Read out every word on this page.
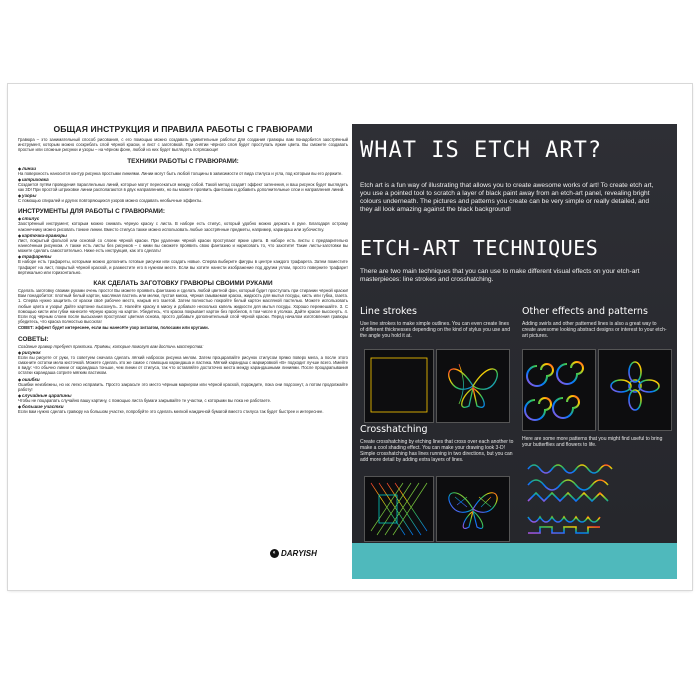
ОБЩАЯ ИНСТРУКЦИЯ И ПРАВИЛА РАБОТЫ С ГРАВЮРАМИ

Гравюра – это занимательный способ рисования, с его помощью можно создавать удивительные работы! Для создания гравюры вам понадобится заострённый инструмент, которым можно соскребать слой чёрной краски, и лист с заготовкой. При снятии чёрного слоя будет проступать яркие цвета. Вы сможете создавать простые или сложные рисунки и узоры – на чёрном фоне, любой из них будет выглядеть потрясающе!

ТЕХНИКИ РАБОТЫ С ГРАВЮРАМИ:
◆ линии

На поверхность наносится контур рисунка простыми линиями. Линии могут быть любой толщины в зависимости от вида стилуса и угла, под которым вы его держите.

◆ штриховка

Создается путём проведения параллельных линий, которые могут пересекаться между собой. Такой метод создаёт эффект затенения, и ваш рисунок будет выглядеть как 3D! При простой штриховке линии располагаются в двух направлениях, но вы можете проявить фантазию и добавить дополнительные слои и направления линий.

◆ узоры

С помощью спиралей и других повторяющихся узоров можно создавать необычные эффекты.

ИНСТРУМЕНТЫ ДЛЯ РАБОТЫ С ГРАВЮРАМИ:
◆ стилус

Заострённый инструмент, которым можно снимать чёрную краску с листа. В наборе есть стилус, который удобно можно держать в руке. Благодаря острому наконечнику можно рисовать тонкие линии. Вместо стилуса также можно использовать любые заострённые предметы, например, карандаш или зубочистку.

◆ карточки-гравюры

Лист, покрытый фольгой или основой со слоем чёрной краски. При удалении чёрной краски проступают яркие цвета. В наборе есть листы с предварительно нанесённым рисунком. А также есть листы без рисунков – с ними вы сможете проявить свою фантазию и нарисовать то, что захотите! Такие листы-заготовки вы можете сделать самостоятельно. Ниже есть инструкция, как это сделать!

◆ трафареты

В наборе есть трафареты, которыми можно дополнить готовые рисунки или создать новые. Сперва выберите фигуры в центре каждого трафарета. Затем поместите трафарет на лист, покрытый чёрной краской, и разместите его в нужном месте. Если вы хотите нанести изображение под другим углом, просто поверните трафарет вертикально или горизонтально.

КАК СДЕЛАТЬ ЗАГОТОВКУ ГРАВЮРЫ СВОИМИ РУКАМИ

Сделать заготовку своими руками очень просто! Вы можете проявить фантазию и сделать любой цветной фон, который будет проступать при стирании чёрной краски! Вам понадобится: плотный белый картон, масляная пастель или мелки, пустая миска, чёрная смываемая краска, жидкость для мытья посуды, кисть или губка, газета. 1. Сперва нужно защитить от краски своё рабочее место, накрыв его газетой. Затем полностью покройте белый картон масляной пастелью. Можете использовать любые цвета и узоры! Дайте картонке высохнуть. 2. Налейте краску в миску и добавьте несколько капель жидкости для мытья посуды. Хорошо перемешайте. 3. С помощью кисти или губки нанесите чёрную краску на картон. Убедитесь, что краска покрывает картон без пробелов, в том числе в уголках. Дайте краске высохнуть. 4. Если под чёрным слоем после высыхания проступают цветная основа, просто добавьте дополнительный слой чёрной краски. Перед началом изготовления гравюры убедитесь, что краска полностью высохла!

СОВЕТ: эффект будет интереснее, если вы нанесёте узор зигзагом, полосами или кругами.

СОВЕТЫ:

Создание гравюр требует практики. Приёмы, которые помогут вам достичь мастерства:

◆ рисунок

Если вы рисуете от руки, то советуем сначала сделать лёгкий набросок рисунка мелом. Затем процарапайте рисунок стилусом прямо поверх мела, а после этого смахните остатки мела кисточкой. Можете сделать это же самое с помощью карандаша и ластика. Мягкий карандаш с маркировкой «B» подходит лучше всего. Имейте в виду: что обычно линии от карандаша тоньше, чем линии от стилуса, так что оставляйте достаточно места между карандашными линиями. После процарапывания остатки карандаша сотрите мягким ластиком.

◆ ошибки

Ошибки неизбежны, но их легко исправить. Просто закрасьте это место чёрным маркером или чёрной краской, подождите, пока они подсохнут, а потом продолжайте работу!

◆ случайные царапины

Чтобы не поцарапать случайно вашу картину, с помощью листа бумаги закрывайте те участки, с которыми вы пока не работаете.

◆ большие участки

Если вам нужно сделать гравюру на большом участке, попробуйте это сделать мелкой наждачной бумагой вместо стилуса так будет быстрее и интереснее.

◐ DARYISH
WHAT IS ETCH ART?

Etch art is a fun way of illustrating that allows you to create awesome works of art! To create etch art, you use a pointed tool to scratch a layer of black paint away from an etch-art panel, revealing bright colours underneath. The pictures and patterns you create can be very simple or really detailed, and they all look amazing against the black background!

ETCH-ART TECHNIQUES

There are two main techniques that you can use to make different visual effects on your etch-art masterpieces: line strokes and crosshatching.

Line strokes

Use line strokes to make simple outlines. You can even create lines of different thicknesses depending on the kind of stylus you use and the angle you hold it at.

Other effects and patterns

Adding swirls and other patterned lines is also a great way to create awesome looking abstract designs or interest to your etch-art pictures.

Crosshatching

Create crosshatching by etching lines that cross over each another to make a cool shading effect. You can make your drawing look 3-D! Simple crosshatching has lines running in two directions, but you can add more detail by adding extra layers of lines.

Here are some more patterns that you might find useful to bring your butterflies and flowers to life.
